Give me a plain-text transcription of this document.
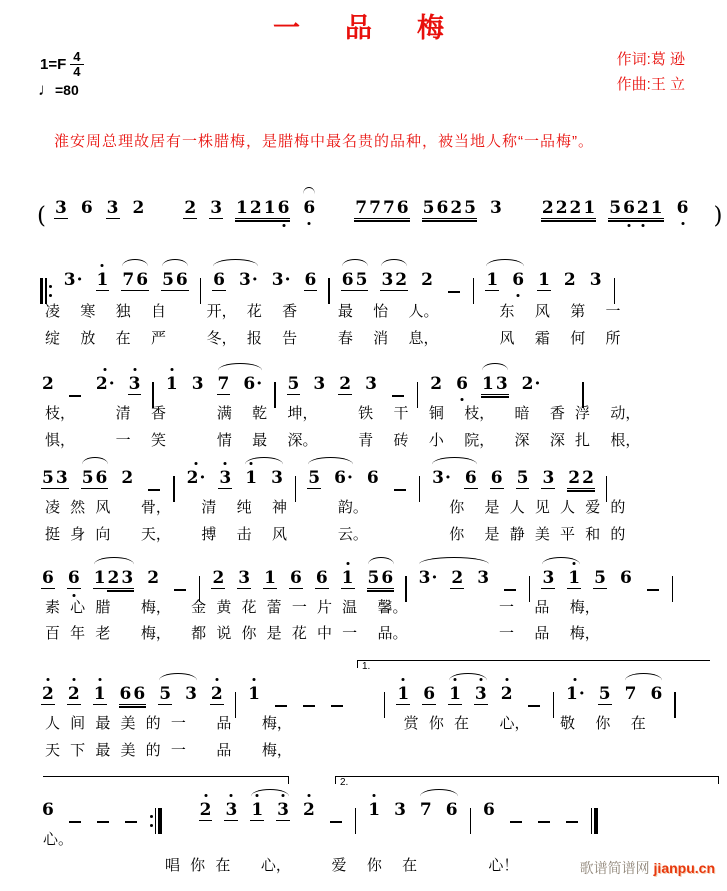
一  品  梅
$1=F \frac{4}{4}$
♩=80
作词:葛 逊
作曲:王 立

淮安周总理故居有一株腊梅，是腊梅中最名贵的品种，被当地人称“一品梅”。

( 3 6 3 2 2 3 1 2 1 6 6 7 7 7 6 5 6 2 5 3 2 2 2 1 5 6 2 1 6 )
3· 1 7 6 5 6 6 3· 3· 6 6 5 3 2 2	1 6 1 2 3
凌  寒  独  自    开， 花  香    最  怡  人。      东  风  第  一
绽  放  在  严    冬， 报  告    春  消  息，      风  霜  何  所
2 2
· 3 1 3 7 6· 5 3 2 3	2 6 1 3 2·
枝，    清  香     满  乾  坤，    铁  干  铜  枝，  暗  香 浮  动，
惧，    一  笑     情  最  深。    青  砖  小  院，  深  深 扎  根，
5 3 5 6 2	2
· 3 1 3 5 6· 6	3· 6 6 5 3 2 2
凌 然 风   骨，   清  纯  神     韵。        你  是 人 见 人 爱 的
挺 身 向   天，   搏  击  风     云。        你  是 静 美 平 和 的
6 6 1 2 3 2	2 3 1 6 6 1 5 6 3· 2 3	3 1 5 6
素 心 腊   梅，  金 黄 花 蕾 一 片 温  馨。         一  品  梅，
百 年 老   梅，  都 说 你 是 花 中 一  品。         一  品  梅，
1.
2 2 1 6 6 5 3 2 1	1 6 1 3 2	1
· 5 7 6
人 间 最 美 的 一   品   梅，           赏 你 在   心，   敬  你  在
天 下 最 美 的 一   品   梅，
2.
6	2 3 1 3 2	1 3 7 6 6
心。
唱 你 在   心，    爱  你  在       心！	歌谱简谱网 jianpu.cn
